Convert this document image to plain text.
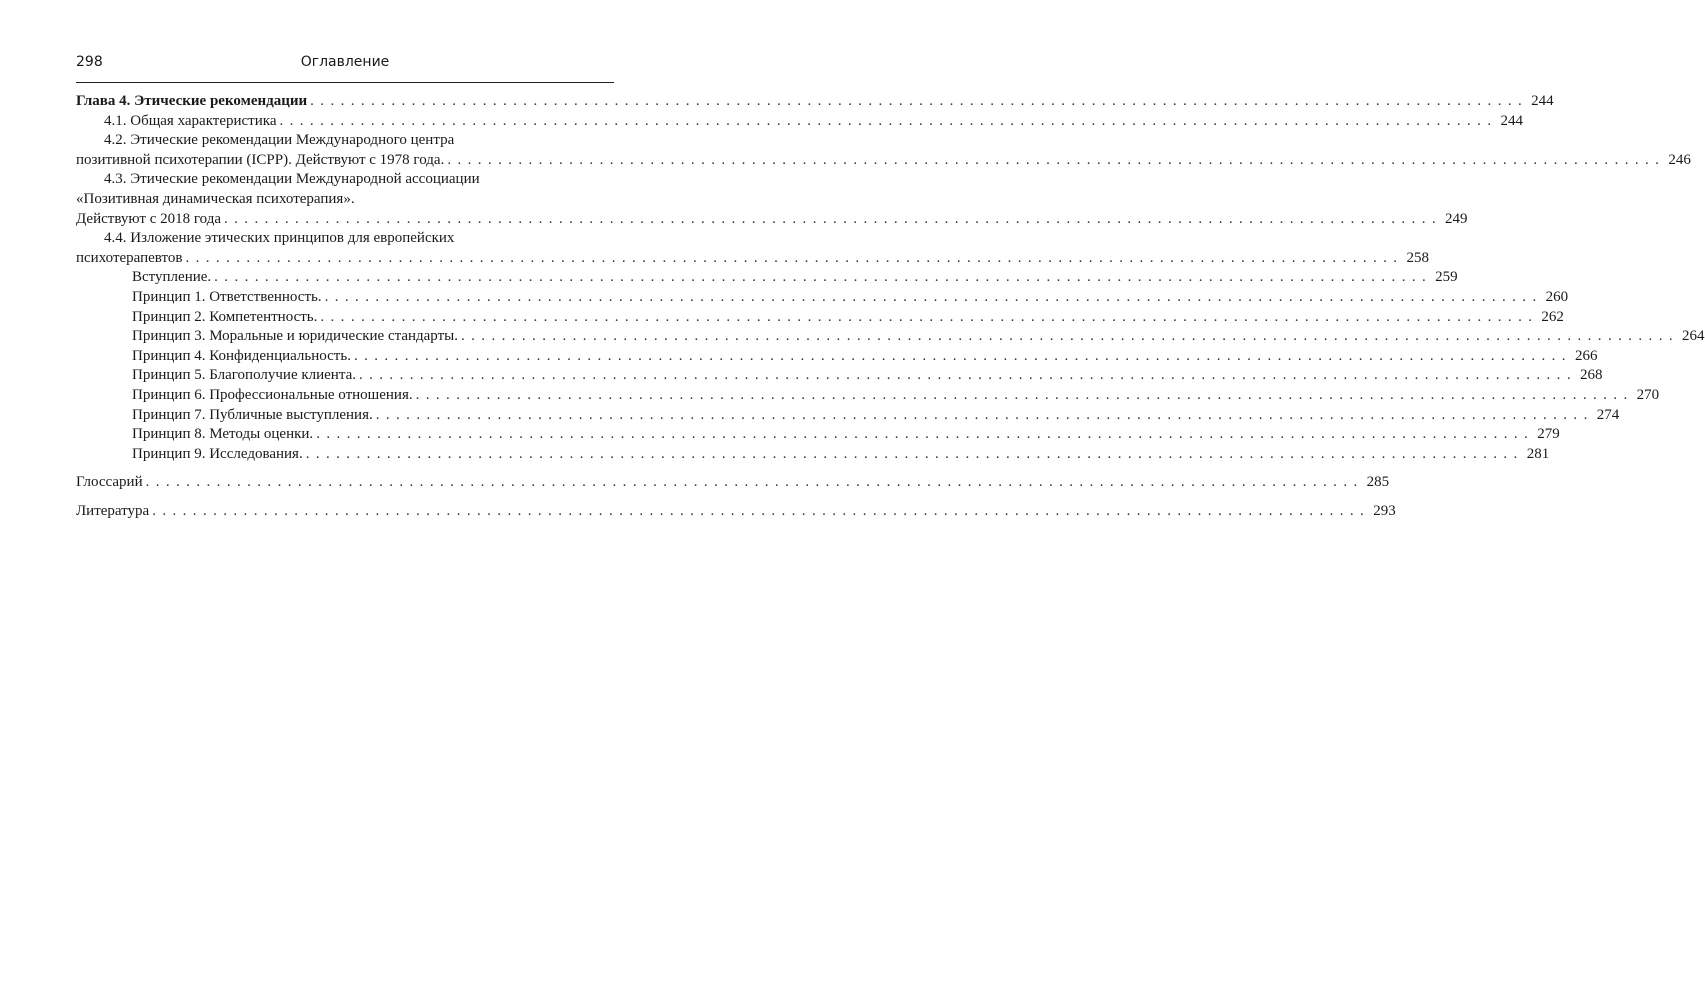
298	Оглавление
Глава 4. Этические рекомендации ........................................................................................................................ 244
4.1. Общая характеристика ........................................................................................................................ 244
4.2. Этические рекомендации Международного центра
позитивной психотерапии (ICPP). Действуют с 1978 года. ........................................................................................................................ 246
4.3. Этические рекомендации Международной ассоциации
«Позитивная динамическая психотерапия».
Действуют с 2018 года ........................................................................................................................ 249
4.4. Изложение этических принципов для европейских
психотерапевтов ........................................................................................................................ 258
Вступление. ........................................................................................................................ 259
Принцип 1. Ответственность. ........................................................................................................................ 260
Принцип 2. Компетентность. ........................................................................................................................ 262
Принцип 3. Моральные и юридические стандарты. ........................................................................................................................ 264
Принцип 4. Конфиденциальность. ........................................................................................................................ 266
Принцип 5. Благополучие клиента. ........................................................................................................................ 268
Принцип 6. Профессиональные отношения. ........................................................................................................................ 270
Принцип 7. Публичные выступления. ........................................................................................................................ 274
Принцип 8. Методы оценки. ........................................................................................................................ 279
Принцип 9. Исследования. ........................................................................................................................ 281
Глоссарий ........................................................................................................................ 285
Литература ........................................................................................................................ 293
